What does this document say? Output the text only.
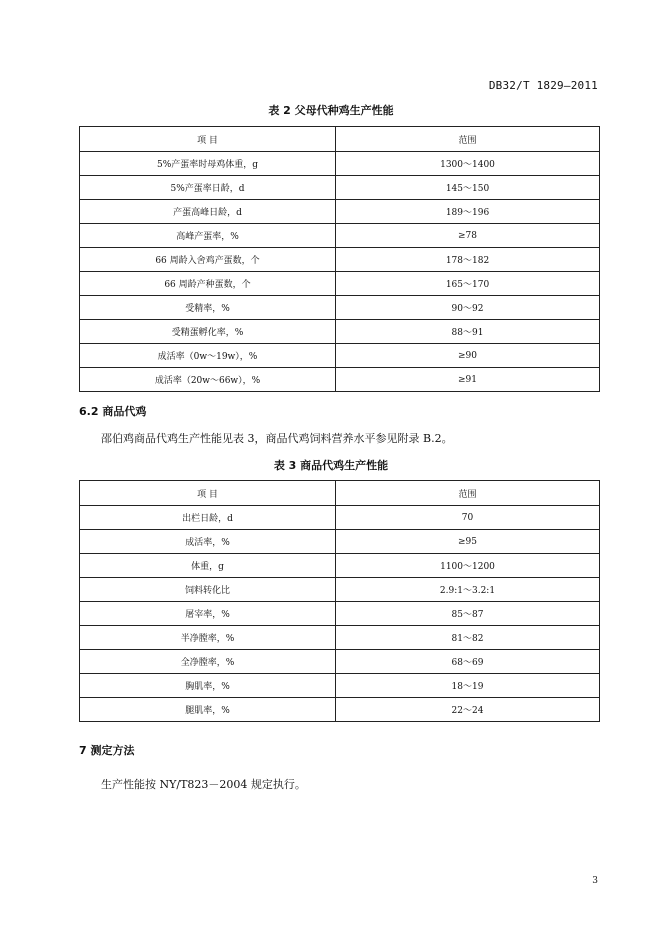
DB32/T 1829—2011
表 2 父母代种鸡生产性能
项 目	范围
5%产蛋率时母鸡体重，g	1300～1400
5%产蛋率日龄，d	145～150
产蛋高峰日龄，d	189～196
高峰产蛋率，%	≥78
66 周龄入舍鸡产蛋数，个	178～182
66 周龄产种蛋数，个	165～170
受精率，%	90～92
受精蛋孵化率，%	88～91
成活率（0w～19w），%	≥90
成活率（20w～66w），%	≥91
6.2 商品代鸡
邵伯鸡商品代鸡生产性能见表 3，商品代鸡饲料营养水平参见附录 B.2。
表 3 商品代鸡生产性能
项 目	范围
出栏日龄，d	70
成活率，%	≥95
体重，g	1100～1200
饲料转化比	2.9:1～3.2:1
屠宰率，%	85～87
半净膛率，%	81～82
全净膛率，%	68～69
胸肌率，%	18～19
腿肌率，%	22～24
7 测定方法
生产性能按 NY/T823－2004 规定执行。
3
